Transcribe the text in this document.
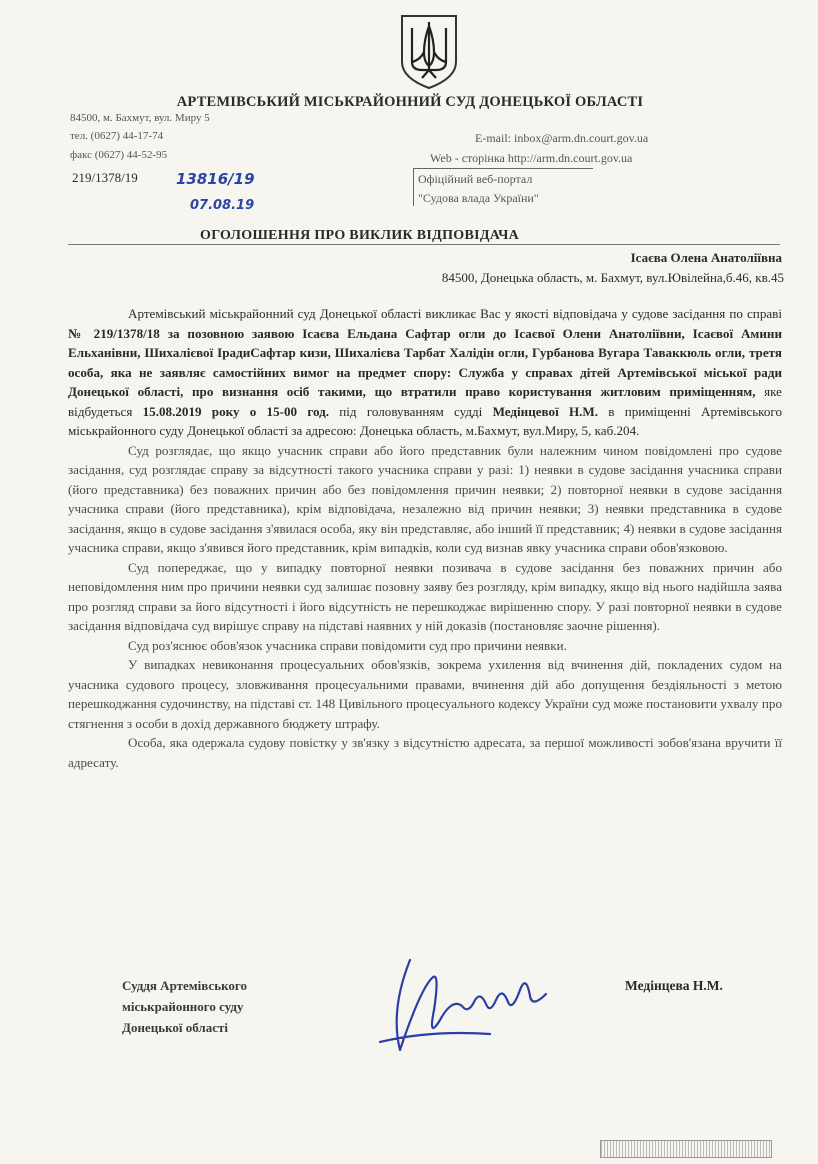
АРТЕМІВСЬКИЙ МІСЬКРАЙОННИЙ СУД ДОНЕЦЬКОЇ ОБЛАСТІ
84500, м. Бахмут, вул. Миру 5
тел. (0627) 44-17-74
факс (0627) 44-52-95
E-mail: inbox@arm.dn.court.gov.ua
Web - сторінка http://arm.dn.court.gov.ua
219/1378/19	13816/19
07.08.19
Офіційний веб-портал
"Судова влада України"
ОГОЛОШЕННЯ ПРО ВИКЛИК ВІДПОВІДАЧА
Ісаєва Олена Анатоліївна
84500, Донецька область, м. Бахмут, вул.Ювілейна,б.46, кв.45

Артемівський міськрайонний суд Донецької області викликає Вас у якості відповідача у судове засідання по справі № 219/1378/18 за позовною заявою Ісаєва Ельдана Сафтар огли до Ісаєвої Олени Анатоліївни, Ісаєвої Амини Ельханівни, Шихалієвої ІрадиСафтар кизи, Шихалієва Тарбат Халідін огли, Гурбанова Вугара Таваккюль огли, третя особа, яка не заявляє самостійних вимог на предмет спору: Служба у справах дітей Артемівської міської ради Донецької області, про визнання осіб такими, що втратили право користування житловим приміщенням, яке відбудеться 15.08.2019 року о 15-00 год. під головуванням судді Медінцевої Н.М. в приміщенні Артемівського міськрайонного суду Донецької області за адресою: Донецька область, м.Бахмут, вул.Миру, 5, каб.204.

Суд розглядає, що якщо учасник справи або його представник були належним чином повідомлені про судове засідання, суд розглядає справу за відсутності такого учасника справи у разі: 1) неявки в судове засідання учасника справи (його представника) без поважних причин або без повідомлення причин неявки; 2) повторної неявки в судове засідання учасника справи (його представника), крім відповідача, незалежно від причин неявки; 3) неявки представника в судове засідання, якщо в судове засідання з'явилася особа, яку він представляє, або інший її представник; 4) неявки в судове засідання учасника справи, якщо з'явився його представник, крім випадків, коли суд визнав явку учасника справи обов'язковою.

Суд попереджає, що у випадку повторної неявки позивача в судове засідання без поважних причин або неповідомлення ним про причини неявки суд залишає позовну заяву без розгляду, крім випадку, якщо від нього надійшла заява про розгляд справи за його відсутності і його відсутність не перешкоджає вирішенню спору. У разі повторної неявки в судове засідання відповідача суд вирішує справу на підставі наявних у ній доказів (постановляє заочне рішення).

Суд роз'яснює обов'язок учасника справи повідомити суд про причини неявки.

У випадках невиконання процесуальних обов'язків, зокрема ухилення від вчинення дій, покладених судом на учасника судового процесу, зловживання процесуальними правами, вчинення дій або допущення бездіяльності з метою перешкоджання судочинству, на підставі ст. 148 Цивільного процесуального кодексу України суд може постановити ухвалу про стягнення з особи в дохід державного бюджету штрафу.

Особа, яка одержала судову повістку у зв'язку з відсутністю адресата, за першої можливості зобов'язана вручити її адресату.

Суддя Артемівського
міськрайонного суду
Донецької області
Медінцева Н.М.
